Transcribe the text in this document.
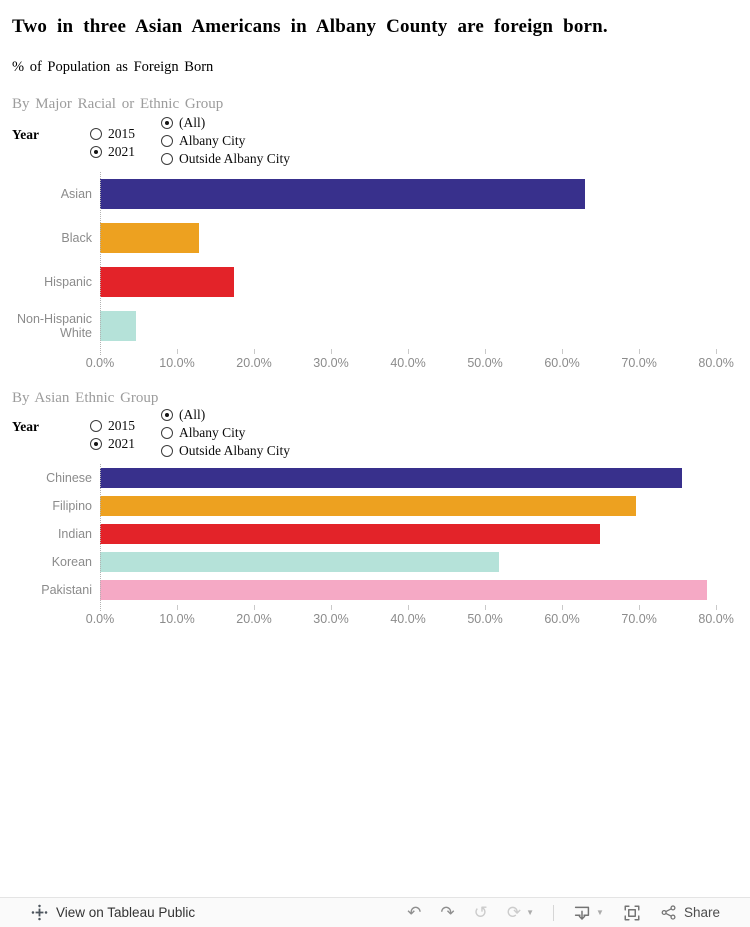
Two in three Asian Americans in Albany County are foreign born.
% of Population as Foreign Born
By Major Racial or Ethnic Group
By Asian Ethnic Group
Year	2015
2021
(All)
Albany City
Outside Albany City
Asian
Black
Hispanic
Non-Hispanic White
0.0%	10.0%	20.0%	30.0%	40.0%	50.0%	60.0%	70.0%	80.0%
Year	2015
2021
(All)
Albany City
Outside Albany City
Chinese
Filipino
Indian
Korean
Pakistani
0.0%	10.0%	20.0%	30.0%	40.0%	50.0%	60.0%	70.0%	80.0%
View on Tableau Public	↶ ↷ ↺ ⟳ ▼	▼	Share
